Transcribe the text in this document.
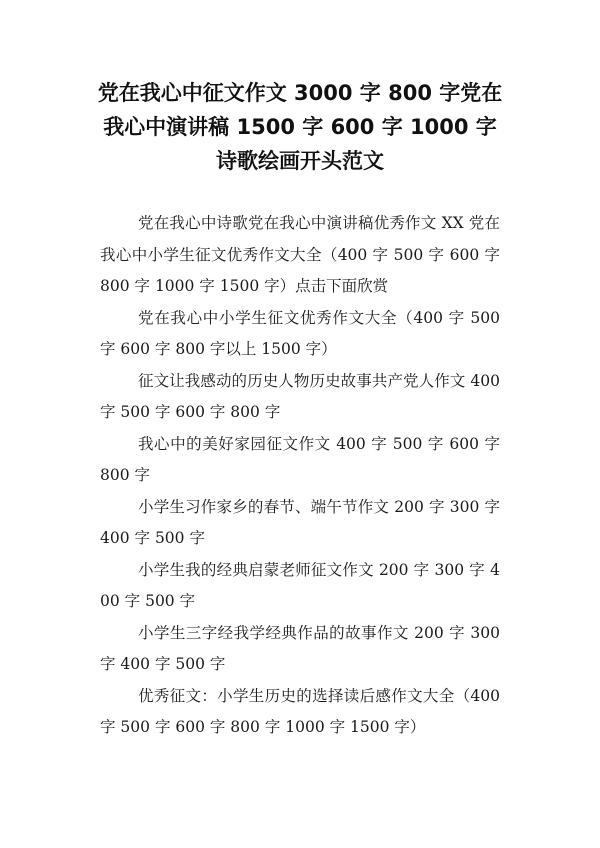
党在我心中征文作文 3000 字 800 字党在我心中演讲稿 1500 字 600 字 1000 字诗歌绘画开头范文

党在我心中诗歌党在我心中演讲稿优秀作文 XX 党在我心中小学生征文优秀作文大全（400 字 500 字 600 字 800 字 1000 字 1500 字）点击下面欣赏

党在我心中小学生征文优秀作文大全（400 字 500 字 600 字 800 字以上 1500 字）

征文让我感动的历史人物历史故事共产党人作文 400 字 500 字 600 字 800 字

我心中的美好家园征文作文 400 字 500 字 600 字 800 字

小学生习作家乡的春节、端午节作文 200 字 300 字 400 字 500 字

小学生我的经典启蒙老师征文作文 200 字 300 字 400 字 500 字

小学生三字经我学经典作品的故事作文 200 字 300 字 400 字 500 字

优秀征文：小学生历史的选择读后感作文大全（400 字 500 字 600 字 800 字 1000 字 1500 字）
